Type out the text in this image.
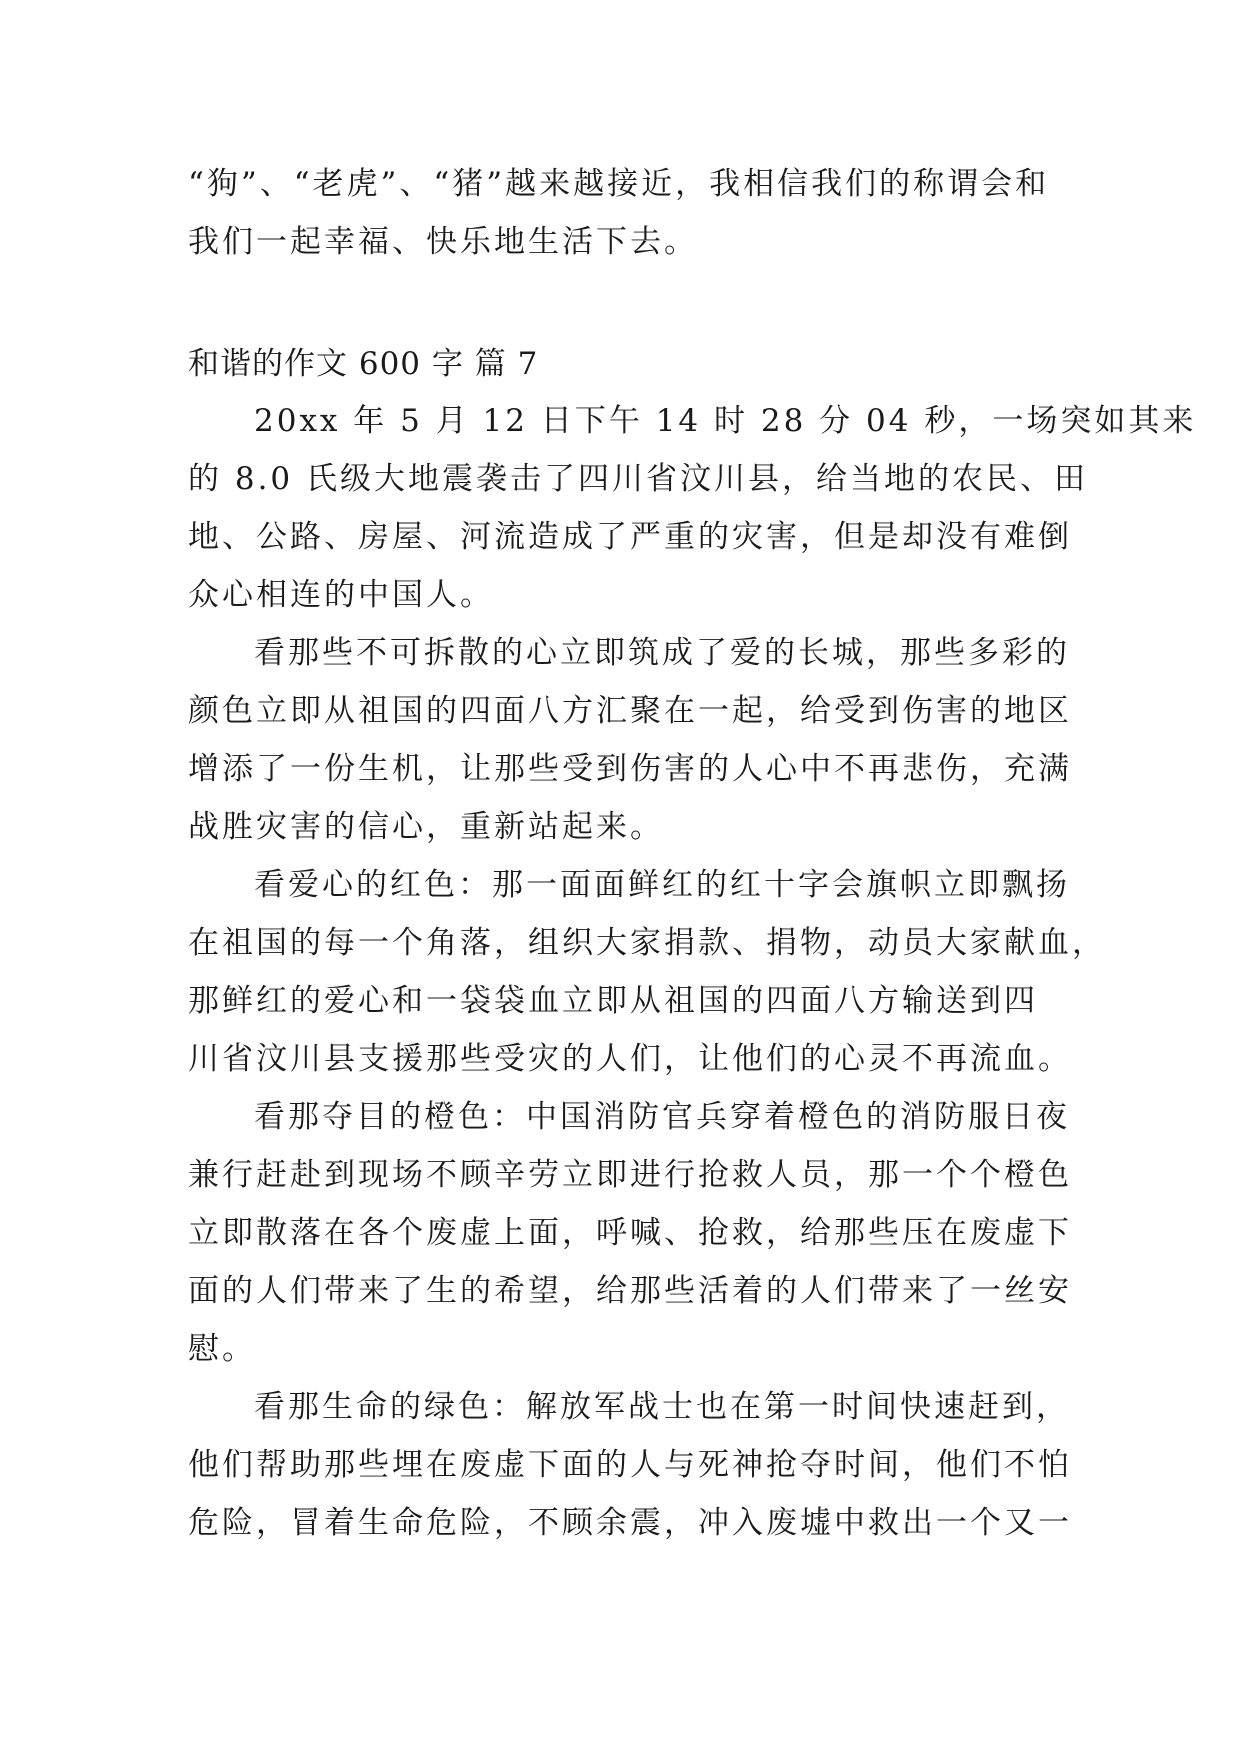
“狗”、“老虎”、“猪”越来越接近，我相信我们的称谓会和
我们一起幸福、快乐地生活下去。
和谐的作文 600 字 篇 7
20xx 年 5 月 12 日下午 14 时 28 分 04 秒，一场突如其来
的 8.0 氏级大地震袭击了四川省汶川县，给当地的农民、田
地、公路、房屋、河流造成了严重的灾害，但是却没有难倒
众心相连的中国人。
看那些不可拆散的心立即筑成了爱的长城，那些多彩的
颜色立即从祖国的四面八方汇聚在一起，给受到伤害的地区
增添了一份生机，让那些受到伤害的人心中不再悲伤，充满
战胜灾害的信心，重新站起来。
看爱心的红色：那一面面鲜红的红十字会旗帜立即飘扬
在祖国的每一个角落，组织大家捐款、捐物，动员大家献血，
那鲜红的爱心和一袋袋血立即从祖国的四面八方输送到四
川省汶川县支援那些受灾的人们，让他们的心灵不再流血。
看那夺目的橙色：中国消防官兵穿着橙色的消防服日夜
兼行赶赴到现场不顾辛劳立即进行抢救人员，那一个个橙色
立即散落在各个废虚上面，呼喊、抢救，给那些压在废虚下
面的人们带来了生的希望，给那些活着的人们带来了一丝安
慰。
看那生命的绿色：解放军战士也在第一时间快速赶到，
他们帮助那些埋在废虚下面的人与死神抢夺时间，他们不怕
危险，冒着生命危险，不顾余震，冲入废墟中救出一个又一
